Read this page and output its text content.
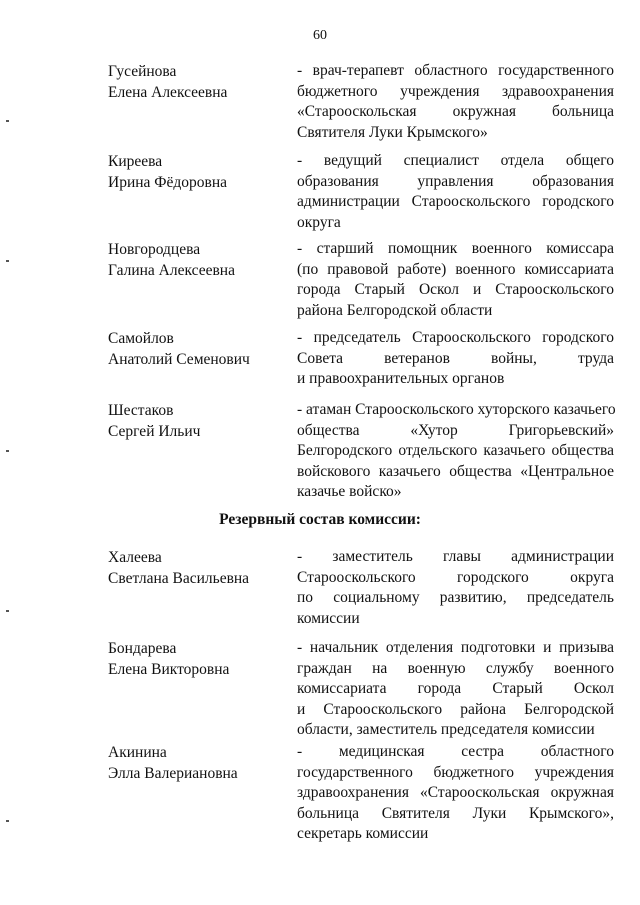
60
Гусейнова
Елена Алексеевна
- врач-терапевт областного государственного
бюджетного учреждения здравоохранения
«Старооскольская окружная больница
Святителя Луки Крымского»
Киреева
Ирина Фёдоровна
- ведущий специалист отдела общего
образования управления образования
администрации Старооскольского городского
округа
Новгородцева
Галина Алексеевна
- старший помощник военного комиссара
(по правовой работе) военного комиссариата
города Старый Оскол и Старооскольского
района Белгородской области
Самойлов
Анатолий Семенович
- председатель Старооскольского городского
Совета ветеранов войны, труда
и правоохранительных органов
Шестаков
Сергей Ильич
- атаман Старооскольского хуторского казачьего
общества «Хутор Григорьевский»
Белгородского отдельского казачьего общества
войскового казачьего общества «Центральное
казачье войско»
Резервный состав комиссии:
Халеева
Светлана Васильевна
- заместитель главы администрации
Старооскольского городского округа
по социальному развитию, председатель
комиссии
Бондарева
Елена Викторовна
- начальник отделения подготовки и призыва
граждан на военную службу военного
комиссариата города Старый Оскол
и Старооскольского района Белгородской
области, заместитель председателя комиссии
Акинина
Элла Валериановна
- медицинская сестра областного
государственного бюджетного учреждения
здравоохранения «Старооскольская окружная
больница Святителя Луки Крымского»,
секретарь комиссии
